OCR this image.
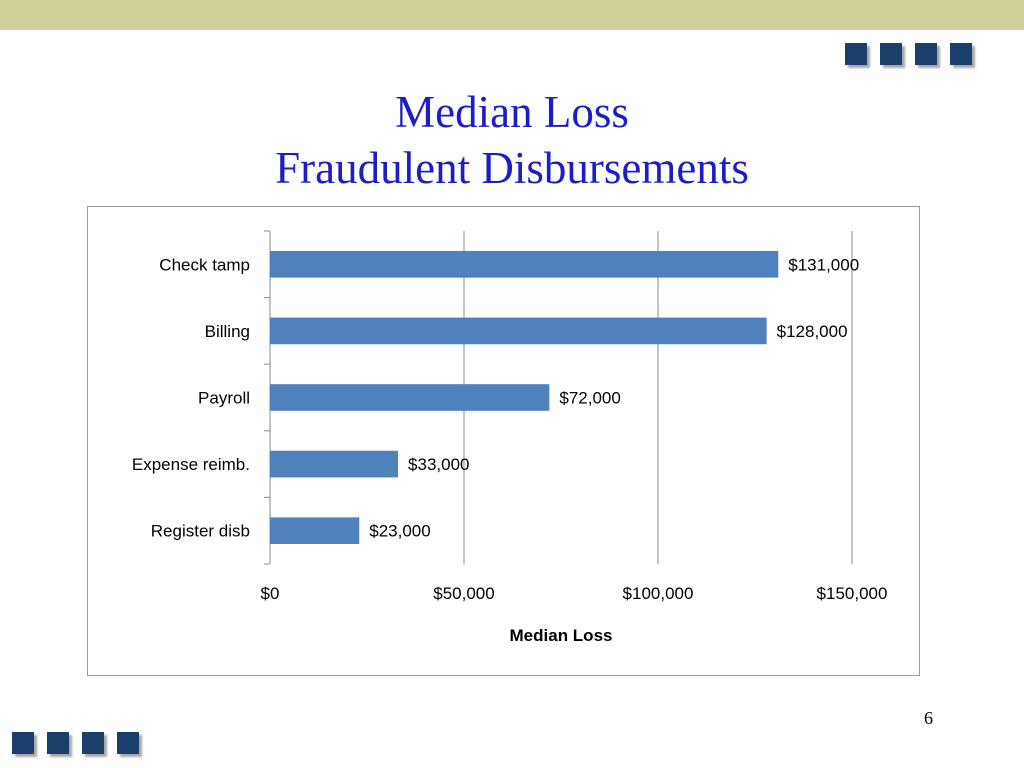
Median Loss
Fraudulent Disbursements
Check tamp	$131,000
Billing	$128,000
Payroll	$72,000
Expense reimb.	$33,000
Register disb	$23,000
$0	$50,000	$100,000	$150,000
Median Loss
6
